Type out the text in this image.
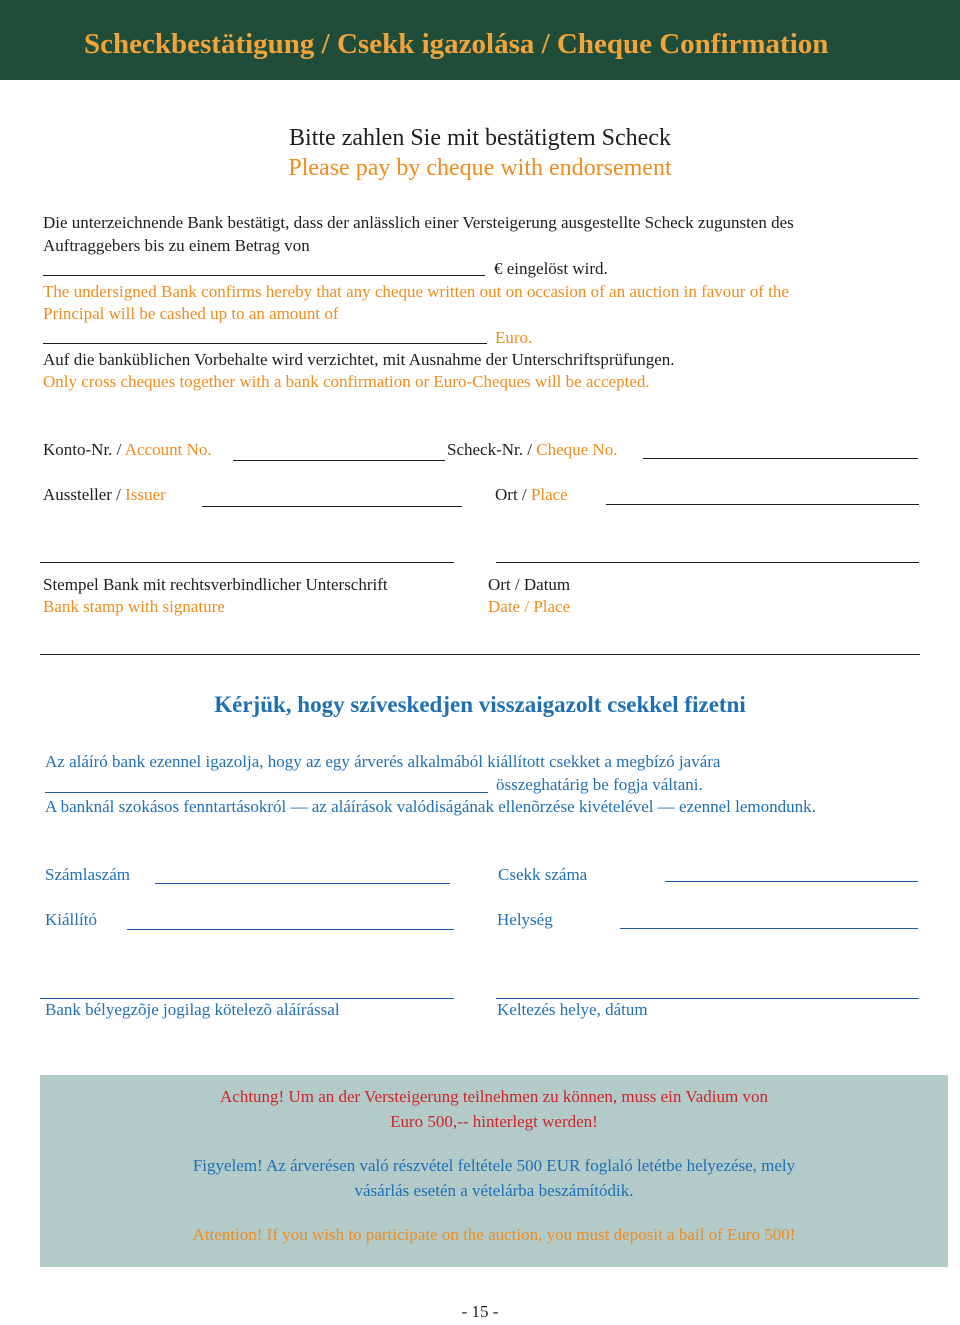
Scheckbestätigung / Csekk igazolása / Cheque Confirmation
Bitte zahlen Sie mit bestätigtem Scheck
Please pay by cheque with endorsement
Die unterzeichnende Bank bestätigt, dass der anlässlich einer Versteigerung ausgestellte Scheck zugunsten des
Auftraggebers bis zu einem Betrag von
€ eingelöst wird.
The undersigned Bank confirms hereby that any cheque written out on occasion of an auction in favour of the
Principal will be cashed up to an amount of
Euro.
Auf die banküblichen Vorbehalte wird verzichtet, mit Ausnahme der Unterschriftsprüfungen.
Only cross cheques together with a bank confirmation or Euro-Cheques will be accepted.
Konto-Nr. / Account No.	Scheck-Nr. / Cheque No.
Aussteller / Issuer	Ort / Place
Stempel Bank mit rechtsverbindlicher Unterschrift
Bank stamp with signature
Ort / Datum
Date / Place
Kérjük, hogy szíveskedjen visszaigazolt csekkel fizetni
Az aláíró bank ezennel igazolja, hogy az egy árverés alkalmából kiállított csekket a megbízó javára
összeghatárig be fogja váltani.
A banknál szokásos fenntartásokról — az aláírások valódiságának ellenõrzése kivételével — ezennel lemondunk.
Számlaszám	Csekk száma
Kiállító	Helység
Bank bélyegzõje jogilag kötelezõ aláírással	Keltezés helye, dátum
Achtung! Um an der Versteigerung teilnehmen zu können, muss ein Vadium von
Euro 500,-- hinterlegt werden!
Figyelem! Az árverésen való részvétel feltétele 500 EUR foglaló letétbe helyezése, mely
vásárlás esetén a vételárba beszámítódik.
Attention! If you wish to participate on the auction, you must deposit a bail of Euro 500!
- 15 -
